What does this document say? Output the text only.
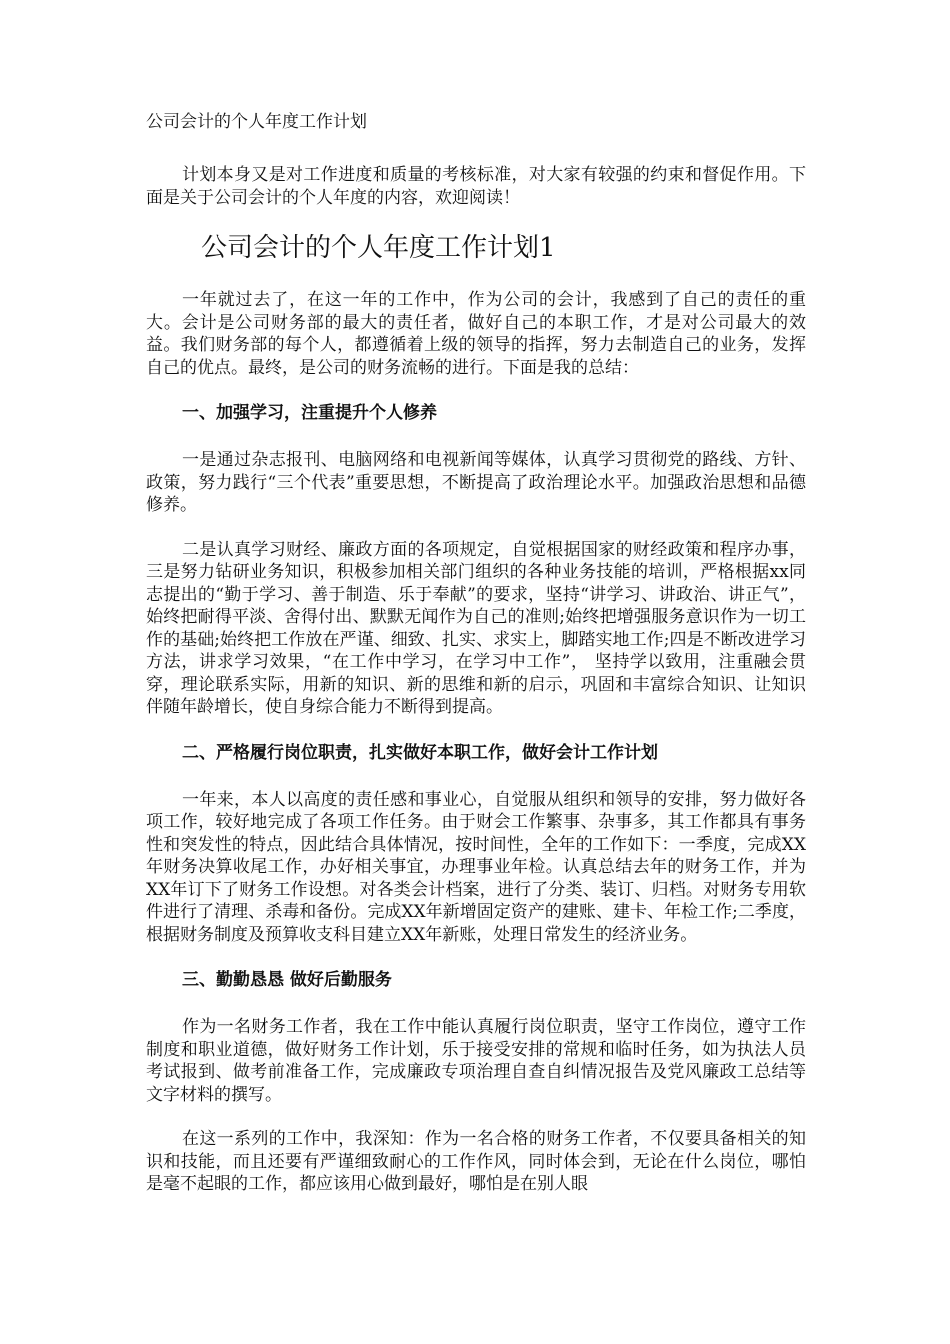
公司会计的个人年度工作计划

计划本身又是对工作进度和质量的考核标准，对大家有较强的约束和督促作用。下面是关于公司会计的个人年度的内容，欢迎阅读！

公司会计的个人年度工作计划1

一年就过去了，在这一年的工作中，作为公司的会计，我感到了自己的责任的重大。会计是公司财务部的最大的责任者，做好自己的本职工作，才是对公司最大的效益。我们财务部的每个人，都遵循着上级的领导的指挥，努力去制造自己的业务，发挥自己的优点。最终，是公司的财务流畅的进行。下面是我的总结：

一、加强学习，注重提升个人修养

一是通过杂志报刊、电脑网络和电视新闻等媒体，认真学习贯彻党的路线、方针、政策，努力践行“三个代表”重要思想，不断提高了政治理论水平。加强政治思想和品德修养。

二是认真学习财经、廉政方面的各项规定，自觉根据国家的财经政策和程序办事，三是努力钻研业务知识，积极参加相关部门组织的各种业务技能的培训，严格根据xx同志提出的“勤于学习、善于制造、乐于奉献”的要求，坚持“讲学习、讲政治、讲正气”，始终把耐得平淡、舍得付出、默默无闻作为自己的准则;始终把增强服务意识作为一切工作的基础;始终把工作放在严谨、细致、扎实、求实上，脚踏实地工作;四是不断改进学习方法，讲求学习效果，“在工作中学习，在学习中工作”， 坚持学以致用，注重融会贯穿，理论联系实际，用新的知识、新的思维和新的启示，巩固和丰富综合知识、让知识伴随年龄增长，使自身综合能力不断得到提高。

二、严格履行岗位职责，扎实做好本职工作，做好会计工作计划

一年来，本人以高度的责任感和事业心，自觉服从组织和领导的安排，努力做好各项工作，较好地完成了各项工作任务。由于财会工作繁事、杂事多，其工作都具有事务性和突发性的特点，因此结合具体情况，按时间性，全年的工作如下：一季度，完成XX年财务决算收尾工作，办好相关事宜，办理事业年检。认真总结去年的财务工作，并为XX年订下了财务工作设想。对各类会计档案，进行了分类、装订、归档。对财务专用软件进行了清理、杀毒和备份。完成XX年新增固定资产的建账、建卡、年检工作;二季度，根据财务制度及预算收支科目建立XX年新账，处理日常发生的经济业务。

三、勤勤恳恳 做好后勤服务

作为一名财务工作者，我在工作中能认真履行岗位职责，坚守工作岗位，遵守工作制度和职业道德，做好财务工作计划，乐于接受安排的常规和临时任务，如为执法人员考试报到、做考前准备工作，完成廉政专项治理自查自纠情况报告及党风廉政工总结等文字材料的撰写。

在这一系列的工作中，我深知：作为一名合格的财务工作者，不仅要具备相关的知识和技能，而且还要有严谨细致耐心的工作作风，同时体会到，无论在什么岗位，哪怕是毫不起眼的工作，都应该用心做到最好，哪怕是在别人眼
